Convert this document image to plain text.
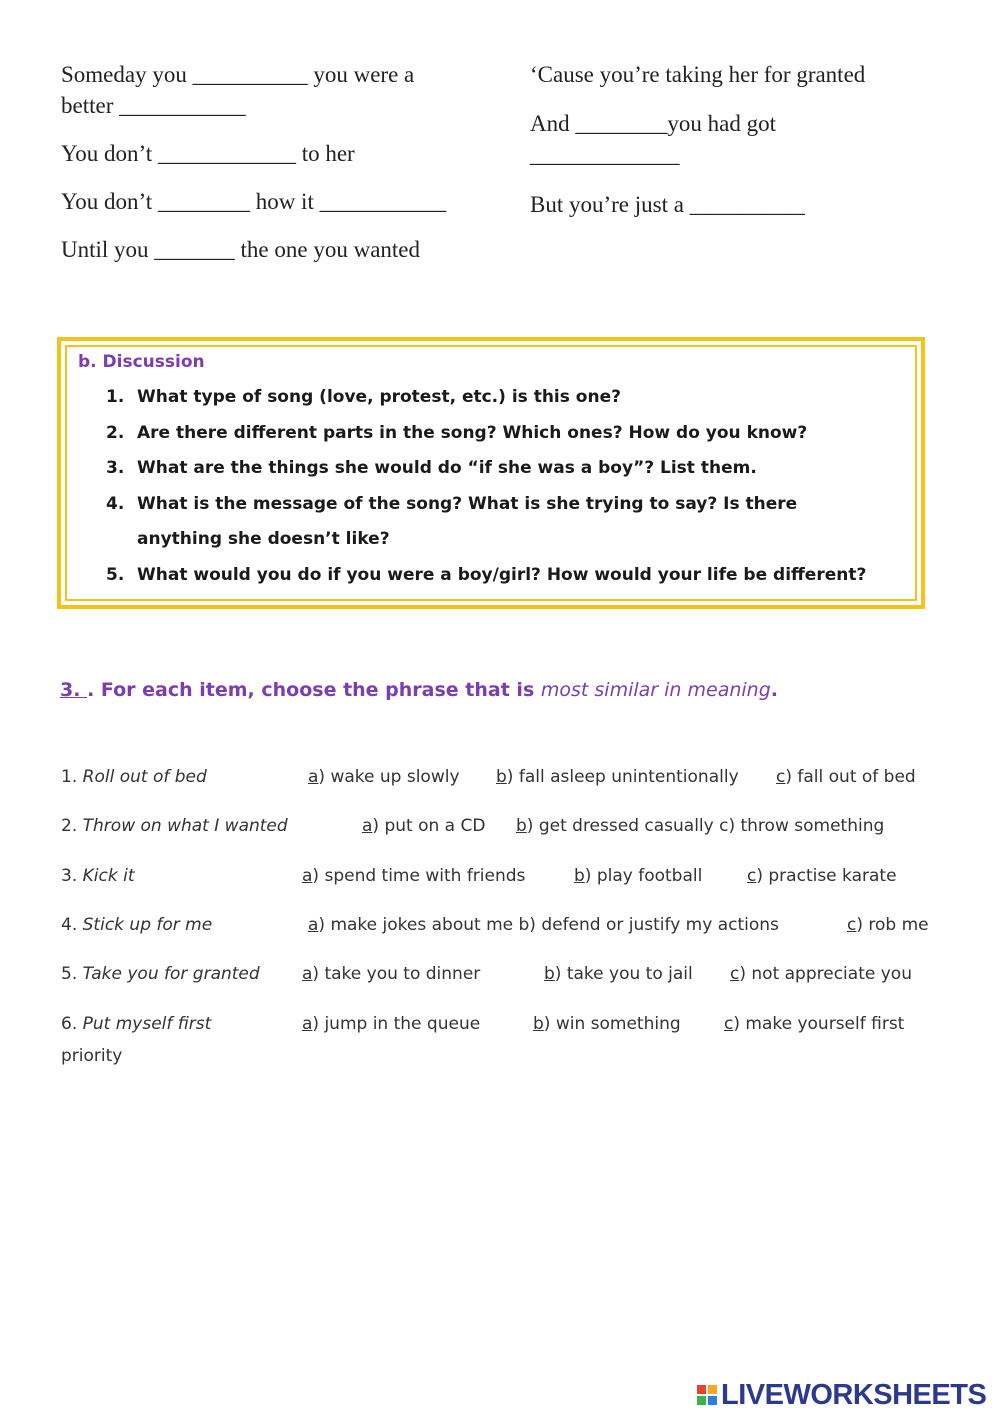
Someday you __________ you were a
better ___________
You don’t ____________ to her
You don’t ________ how it ___________
Until you _______ the one you wanted
‘Cause you’re taking her for granted
And ________you had got
_____________
But you’re just a __________
b. Discussion
1. What type of song (love, protest, etc.) is this one?
2. Are there different parts in the song? Which ones? How do you know?
3. What are the things she would do “if she was a boy”? List them.
4. What is the message of the song? What is she trying to say? Is there
anything she doesn’t like?
5. What would you do if you were a boy/girl? How would your life be different?
3. . For each item, choose the phrase that is most similar in meaning.
1. Roll out of bed	a) wake up slowly b) fall asleep unintentionally c) fall out of bed
2. Throw on what I wanted	a) put on a CD b) get dressed casually c) throw something
3. Kick it	a) spend time with friends	b) play football	c) practise karate
4. Stick up for me	a) make jokes about me b) defend or justify my actions	c) rob me
5. Take you for granted a) take you to dinner	b) take you to jail c) not appreciate you
6. Put myself first	a) jump in the queue	b) win something	c) make yourself first
priority
LIVEWORKSHEETS
